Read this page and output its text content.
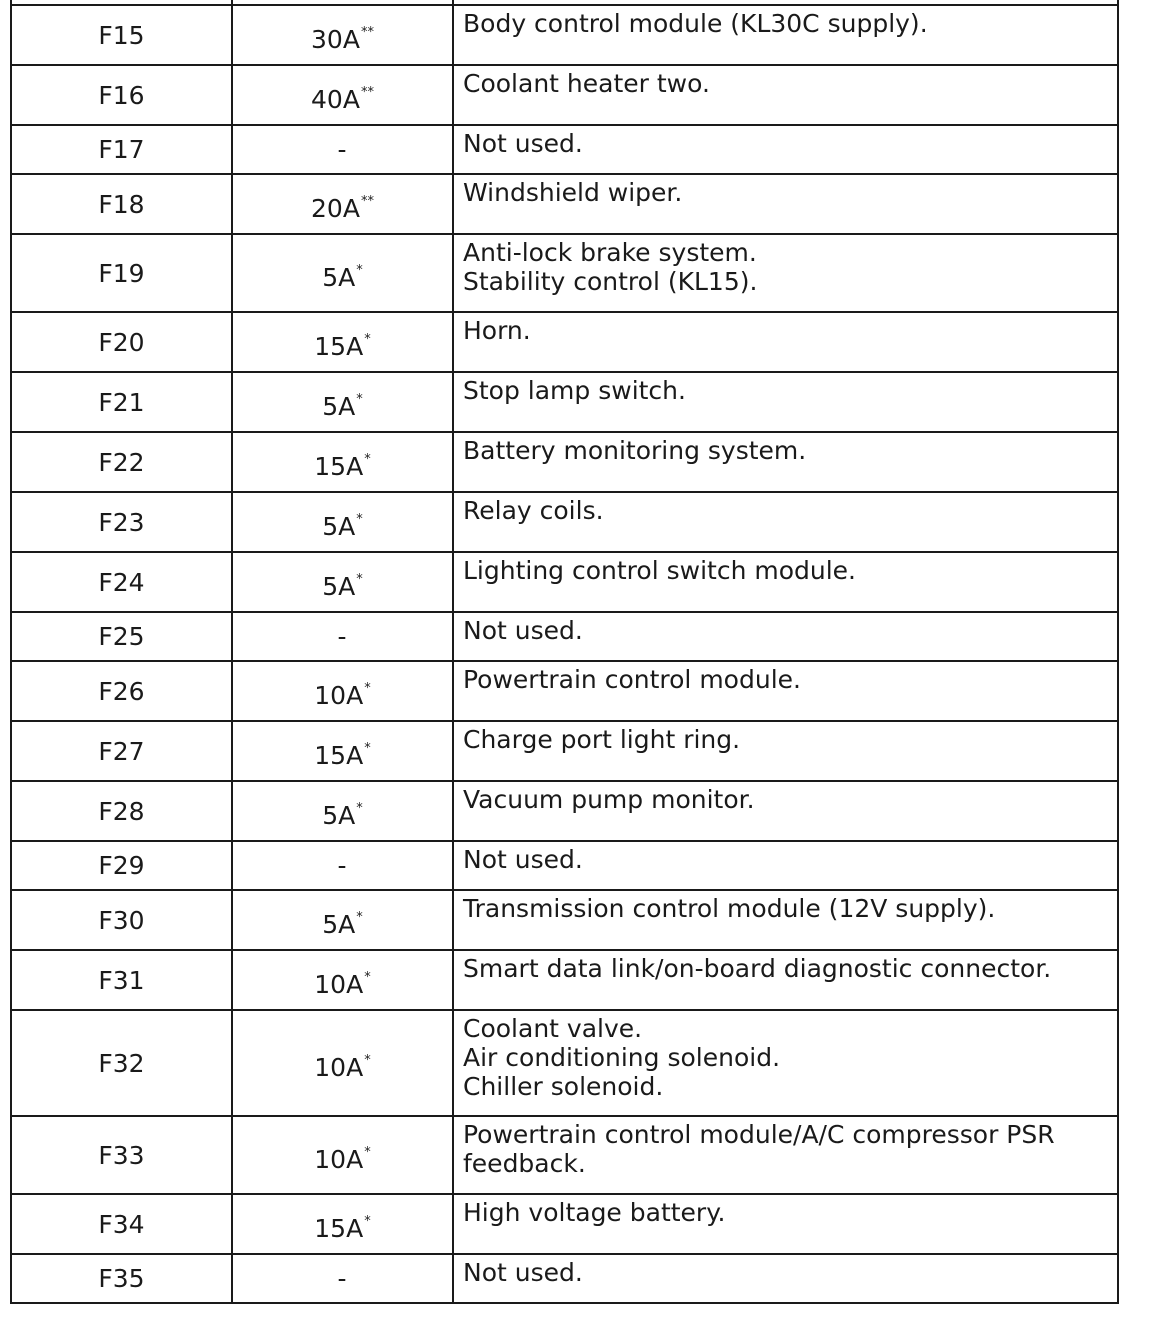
F15	30A**	Body control module (KL30C supply).

F16	40A**	Coolant heater two.

F17	-	Not used.

F18	20A**	Windshield wiper.

F19	5A*	Anti-lock brake system.
Stability control (KL15).

F20	15A*	Horn.

F21	5A*	Stop lamp switch.

F22	15A*	Battery monitoring system.

F23	5A*	Relay coils.

F24	5A*	Lighting control switch module.

F25	-	Not used.

F26	10A*	Powertrain control module.

F27	15A*	Charge port light ring.

F28	5A*	Vacuum pump monitor.

F29	-	Not used.

F30	5A*	Transmission control module (12V supply).

F31	10A*	Smart data link/on-board diagnostic connector.

F32	10A*	Coolant valve.
Air conditioning solenoid.
Chiller solenoid.

F33	10A*	Powertrain control module/A/C compressor PSR
feedback.

F34	15A*	High voltage battery.

F35	-	Not used.
